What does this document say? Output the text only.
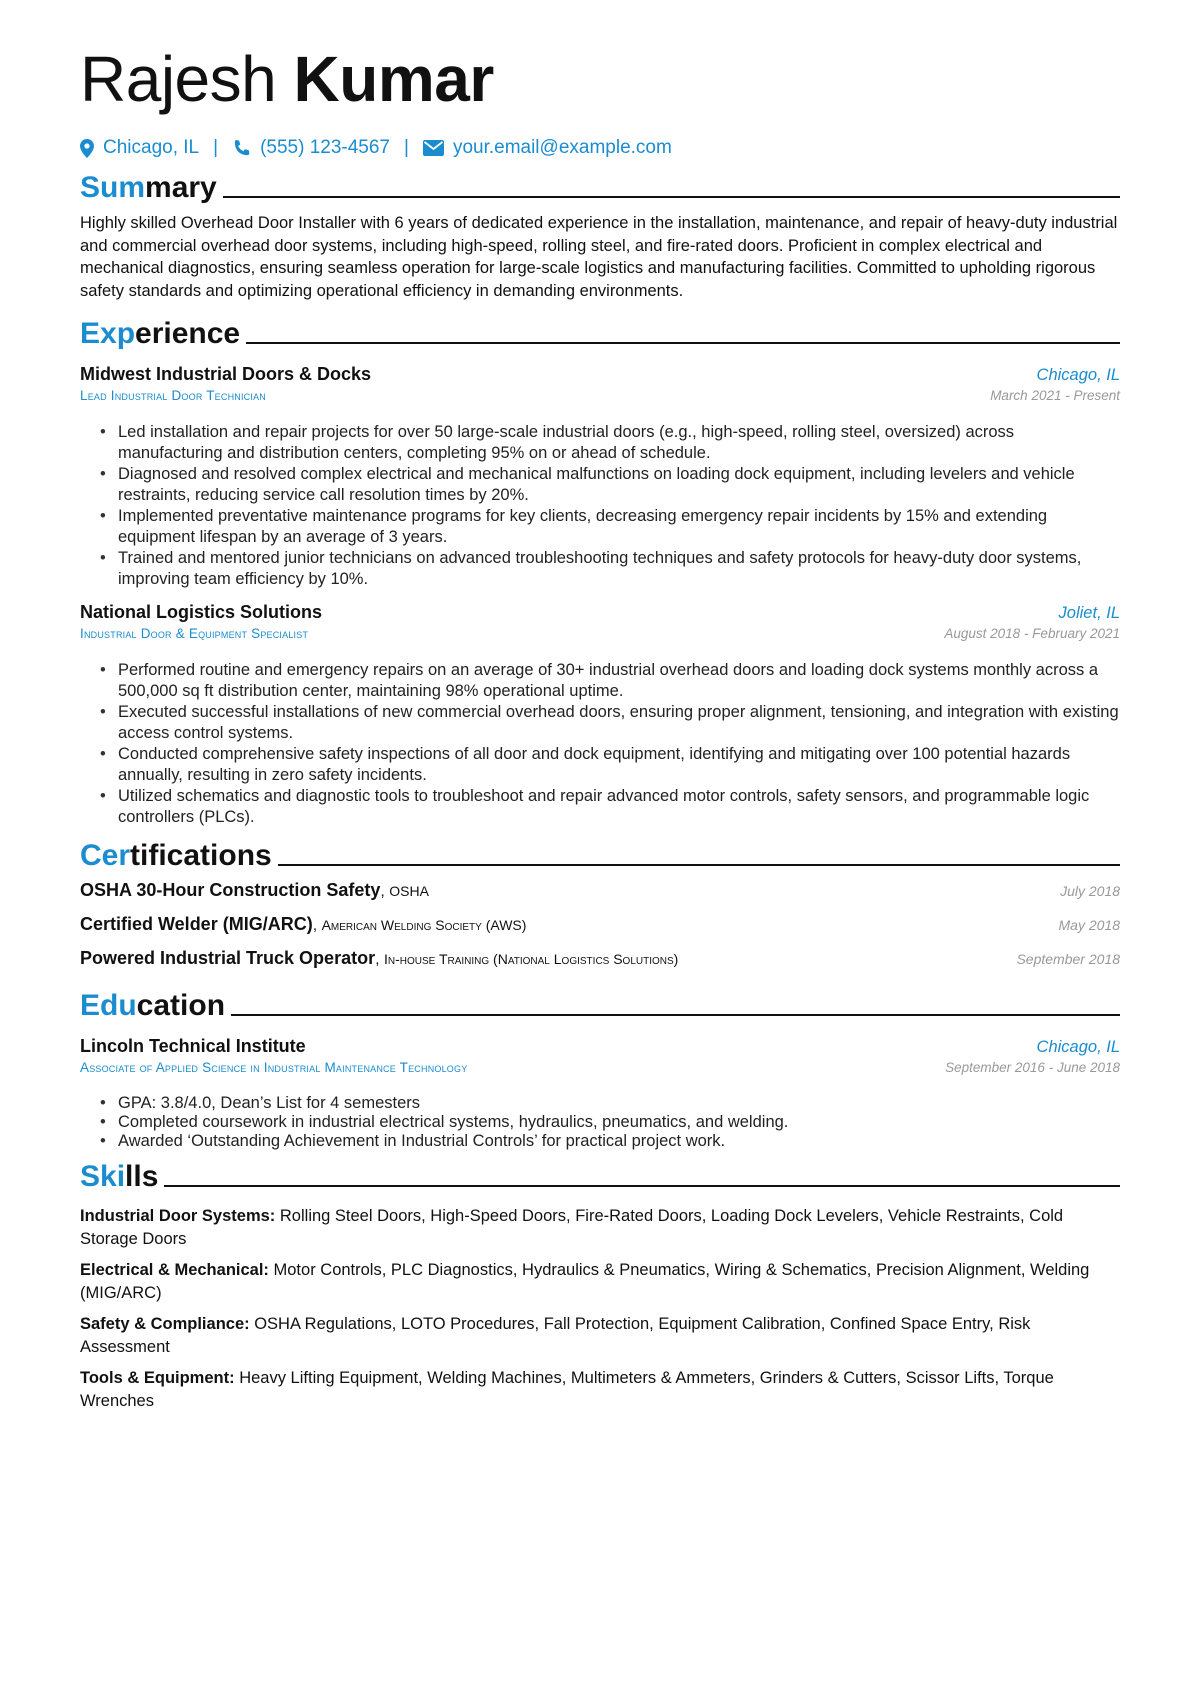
Rajesh Kumar
Chicago, IL | (555) 123-4567 | your.email@example.com
Summary
Highly skilled Overhead Door Installer with 6 years of dedicated experience in the installation, maintenance, and repair of heavy-duty industrial and commercial overhead door systems, including high-speed, rolling steel, and fire-rated doors. Proficient in complex electrical and mechanical diagnostics, ensuring seamless operation for large-scale logistics and manufacturing facilities. Committed to upholding rigorous safety standards and optimizing operational efficiency in demanding environments.
Experience
Midwest Industrial Doors & Docks	Chicago, IL
Lead Industrial Door Technician	March 2021 - Present
• Led installation and repair projects for over 50 large-scale industrial doors (e.g., high-speed, rolling steel, oversized) across manufacturing and distribution centers, completing 95% on or ahead of schedule.
• Diagnosed and resolved complex electrical and mechanical malfunctions on loading dock equipment, including levelers and vehicle restraints, reducing service call resolution times by 20%.
• Implemented preventative maintenance programs for key clients, decreasing emergency repair incidents by 15% and extending equipment lifespan by an average of 3 years.
• Trained and mentored junior technicians on advanced troubleshooting techniques and safety protocols for heavy-duty door systems, improving team efficiency by 10%.
National Logistics Solutions	Joliet, IL
Industrial Door & Equipment Specialist	August 2018 - February 2021
• Performed routine and emergency repairs on an average of 30+ industrial overhead doors and loading dock systems monthly across a 500,000 sq ft distribution center, maintaining 98% operational uptime.
• Executed successful installations of new commercial overhead doors, ensuring proper alignment, tensioning, and integration with existing access control systems.
• Conducted comprehensive safety inspections of all door and dock equipment, identifying and mitigating over 100 potential hazards annually, resulting in zero safety incidents.
• Utilized schematics and diagnostic tools to troubleshoot and repair advanced motor controls, safety sensors, and programmable logic controllers (PLCs).
Certifications
OSHA 30-Hour Construction Safety, OSHA	July 2018
Certified Welder (MIG/ARC), American Welding Society (AWS)	May 2018
Powered Industrial Truck Operator, In-house Training (National Logistics Solutions)	September 2018
Education
Lincoln Technical Institute	Chicago, IL
Associate of Applied Science in Industrial Maintenance Technology	September 2016 - June 2018
• GPA: 3.8/4.0, Dean’s List for 4 semesters
• Completed coursework in industrial electrical systems, hydraulics, pneumatics, and welding.
• Awarded ‘Outstanding Achievement in Industrial Controls’ for practical project work.
Skills
Industrial Door Systems: Rolling Steel Doors, High-Speed Doors, Fire-Rated Doors, Loading Dock Levelers, Vehicle Restraints, Cold Storage Doors
Electrical & Mechanical: Motor Controls, PLC Diagnostics, Hydraulics & Pneumatics, Wiring & Schematics, Precision Alignment, Welding (MIG/ARC)
Safety & Compliance: OSHA Regulations, LOTO Procedures, Fall Protection, Equipment Calibration, Confined Space Entry, Risk Assessment
Tools & Equipment: Heavy Lifting Equipment, Welding Machines, Multimeters & Ammeters, Grinders & Cutters, Scissor Lifts, Torque Wrenches
